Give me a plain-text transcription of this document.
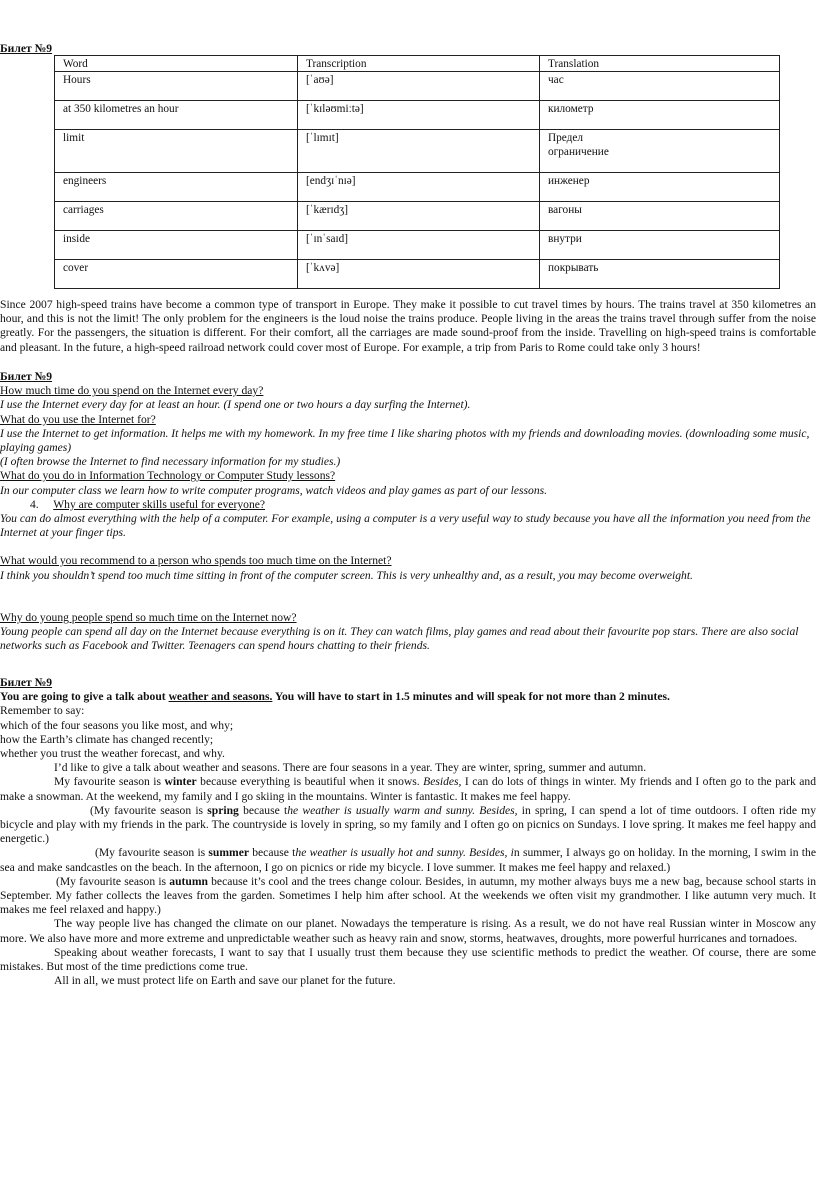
Билет №9
Word	Transcription	Translation
Hours	[ˈaʊə]	час
at 350 kilometres an hour	[ˈkɪləʊmiːtə]	километр
limit	[ˈlɪmɪt]	Предел
ограничение

engineers	[endʒɪˈnɪə]	инженер
carriages	[ˈkærɪdʒ]	вагоны
inside	[ˈɪnˈsaɪd]	внутри
cover	[ˈkʌvə]	покрывать

Since 2007 high-speed trains have become a common type of transport in Europe. They make it possible to cut travel times by hours. The trains travel at 350 kilometres an hour, and this is not the limit! The only problem for the engineers is the loud noise the trains produce. People living in the areas the trains travel through suffer from the noise greatly. For the passengers, the situation is different. For their comfort, all the carriages are made sound-proof from the inside. Travelling on high-speed trains is comfortable and pleasant. In the future, a high-speed railroad network could cover most of Europe. For example, a trip from Paris to Rome could take only 3 hours!

Билет №9

How much time do you spend on the Internet every day?

I use the Internet every day for at least an hour. (I spend one or two hours a day surfing the Internet).

What do you use the Internet for?

I use the Internet to get information. It helps me with my homework. In my free time I like sharing photos with my friends and downloading movies. (downloading some music, playing games)

(I often browse the Internet to find necessary information for my studies.)

What do you do in Information Technology or Computer Study lessons?

In our computer class we learn how to write computer programs, watch videos and play games as part of our lessons.

4. Why are computer skills useful for everyone?

You can do almost everything with the help of a computer. For example, using a computer is a very useful way to study because you have all the information you need from the Internet at your finger tips.

What would you recommend to a person who spends too much time on the Internet?

I think you shouldn’t spend too much time sitting in front of the computer screen. This is very unhealthy and, as a result, you may become overweight.

Why do young people spend so much time on the Internet now?

Young people can spend all day on the Internet because everything is on it. They can watch films, play games and read about their favourite pop stars. There are also social networks such as Facebook and Twitter. Teenagers can spend hours chatting to their friends.

Билет №9

You are going to give a talk about weather and seasons. You will have to start in 1.5 minutes and will speak for not more than 2 minutes.

Remember to say:

which of the four seasons you like most, and why;

how the Earth’s climate has changed recently;

whether you trust the weather forecast, and why.

I’d like to give a talk about weather and seasons. There are four seasons in a year. They are winter, spring, summer and autumn.

My favourite season is winter because everything is beautiful when it snows. Besides, I can do lots of things in winter. My friends and I often go to the park and make a snowman. At the weekend, my family and I go skiing in the mountains. Winter is fantastic. It makes me feel happy.

(My favourite season is spring because the weather is usually warm and sunny. Besides, in spring, I can spend a lot of time outdoors. I often ride my bicycle and play with my friends in the park. The countryside is lovely in spring, so my family and I often go on picnics on Sundays. I love spring. It makes me feel happy and energetic.)

(My favourite season is summer because the weather is usually hot and sunny. Besides, in summer, I always go on holiday. In the morning, I swim in the sea and make sandcastles on the beach. In the afternoon, I go on picnics or ride my bicycle. I love summer. It makes me feel happy and relaxed.)

(My favourite season is autumn because it’s cool and the trees change colour. Besides, in autumn, my mother always buys me a new bag, because school starts in September. My father collects the leaves from the garden. Sometimes I help him after school. At the weekends we often visit my grandmother. I like autumn very much. It makes me feel relaxed and happy.)

The way people live has changed the climate on our planet. Nowadays the temperature is rising. As a result, we do not have real Russian winter in Moscow any more. We also have more and more extreme and unpredictable weather such as heavy rain and snow, storms, heatwaves, droughts, more powerful hurricanes and tornadoes.

Speaking about weather forecasts, I want to say that I usually trust them because they use scientific methods to predict the weather. Of course, there are some mistakes. But most of the time predictions come true.

All in all, we must protect life on Earth and save our planet for the future.
